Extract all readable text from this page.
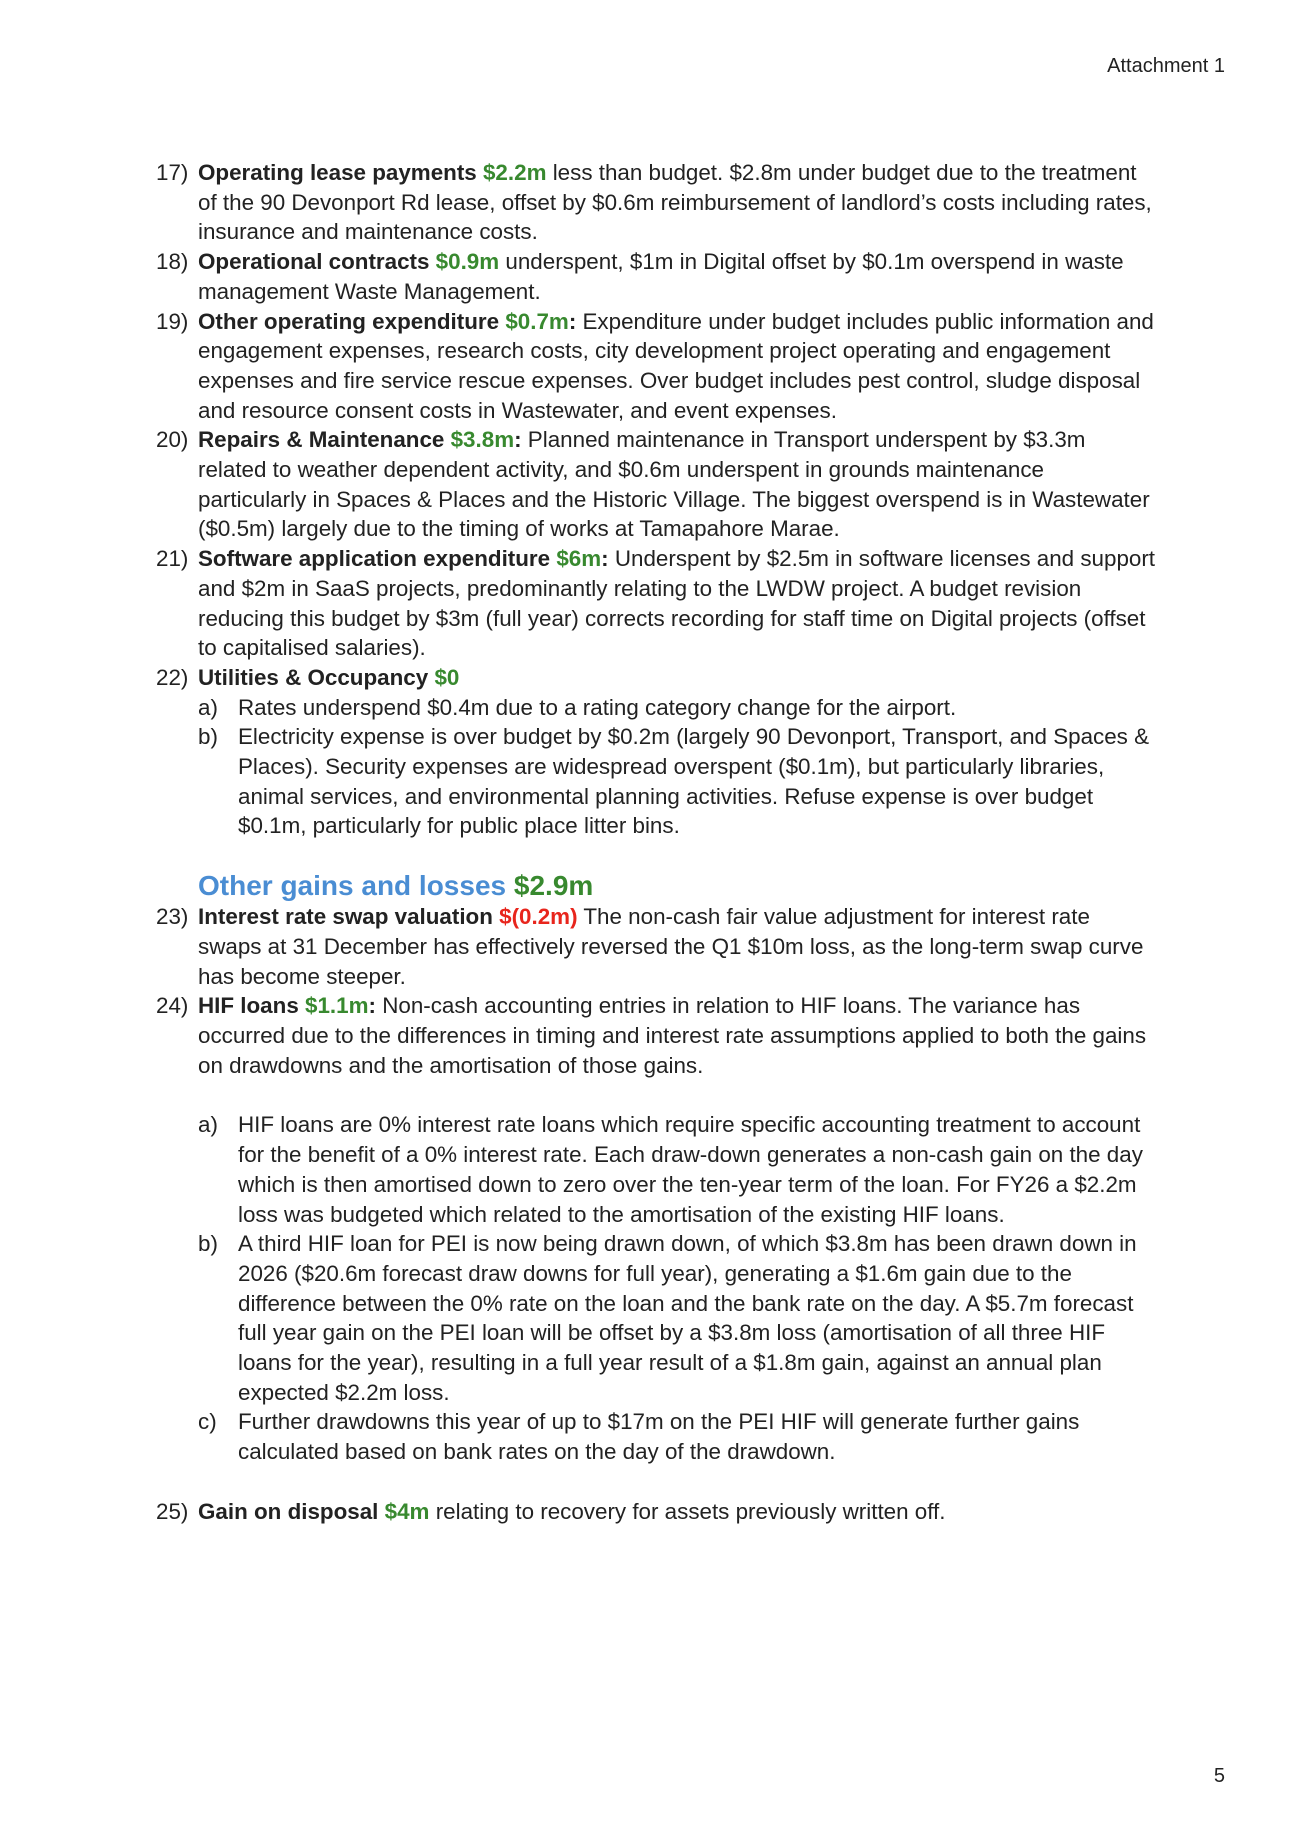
Attachment 1
17) Operating lease payments $2.2m less than budget. $2.8m under budget due to the treatment of the 90 Devonport Rd lease, offset by $0.6m reimbursement of landlord’s costs including rates, insurance and maintenance costs.
18) Operational contracts $0.9m underspent, $1m in Digital offset by $0.1m overspend in waste management Waste Management.
19) Other operating expenditure $0.7m: Expenditure under budget includes public information and engagement expenses, research costs, city development project operating and engagement expenses and fire service rescue expenses. Over budget includes pest control, sludge disposal and resource consent costs in Wastewater, and event expenses.
20) Repairs & Maintenance $3.8m: Planned maintenance in Transport underspent by $3.3m related to weather dependent activity, and $0.6m underspent in grounds maintenance particularly in Spaces & Places and the Historic Village. The biggest overspend is in Wastewater ($0.5m) largely due to the timing of works at Tamapahore Marae.
21) Software application expenditure $6m: Underspent by $2.5m in software licenses and support and $2m in SaaS projects, predominantly relating to the LWDW project. A budget revision reducing this budget by $3m (full year) corrects recording for staff time on Digital projects (offset to capitalised salaries).
22) Utilities & Occupancy $0
a) Rates underspend $0.4m due to a rating category change for the airport.
b) Electricity expense is over budget by $0.2m (largely 90 Devonport, Transport, and Spaces & Places). Security expenses are widespread overspent ($0.1m), but particularly libraries, animal services, and environmental planning activities. Refuse expense is over budget $0.1m, particularly for public place litter bins.
Other gains and losses $2.9m
23) Interest rate swap valuation $(0.2m) The non-cash fair value adjustment for interest rate swaps at 31 December has effectively reversed the Q1 $10m loss, as the long-term swap curve has become steeper.
24) HIF loans $1.1m: Non-cash accounting entries in relation to HIF loans. The variance has occurred due to the differences in timing and interest rate assumptions applied to both the gains on drawdowns and the amortisation of those gains.
a) HIF loans are 0% interest rate loans which require specific accounting treatment to account for the benefit of a 0% interest rate. Each draw-down generates a non-cash gain on the day which is then amortised down to zero over the ten-year term of the loan. For FY26 a $2.2m loss was budgeted which related to the amortisation of the existing HIF loans.
b) A third HIF loan for PEI is now being drawn down, of which $3.8m has been drawn down in 2026 ($20.6m forecast draw downs for full year), generating a $1.6m gain due to the difference between the 0% rate on the loan and the bank rate on the day. A $5.7m forecast full year gain on the PEI loan will be offset by a $3.8m loss (amortisation of all three HIF loans for the year), resulting in a full year result of a $1.8m gain, against an annual plan expected $2.2m loss.
c) Further drawdowns this year of up to $17m on the PEI HIF will generate further gains calculated based on bank rates on the day of the drawdown.
25) Gain on disposal $4m relating to recovery for assets previously written off.
5
